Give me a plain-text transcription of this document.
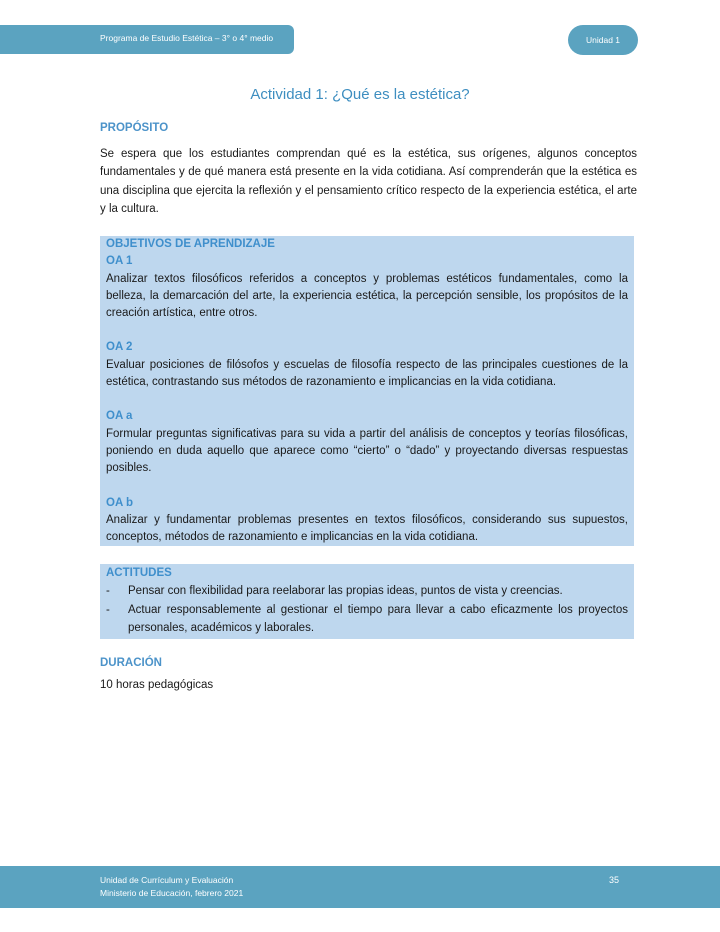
Programa de Estudio Estética – 3° o 4° medio	Unidad 1
Actividad 1: ¿Qué es la estética?
PROPÓSITO
Se espera que los estudiantes comprendan qué es la estética, sus orígenes, algunos conceptos fundamentales y de qué manera está presente en la vida cotidiana. Así comprenderán que la estética es una disciplina que ejercita la reflexión y el pensamiento crítico respecto de la experiencia estética, el arte y la cultura.
OBJETIVOS DE APRENDIZAJE
OA 1
Analizar textos filosóficos referidos a conceptos y problemas estéticos fundamentales, como la belleza, la demarcación del arte, la experiencia estética, la percepción sensible, los propósitos de la creación artística, entre otros.
OA 2
Evaluar posiciones de filósofos y escuelas de filosofía respecto de las principales cuestiones de la estética, contrastando sus métodos de razonamiento e implicancias en la vida cotidiana.
OA a
Formular preguntas significativas para su vida a partir del análisis de conceptos y teorías filosóficas, poniendo en duda aquello que aparece como “cierto” o “dado” y proyectando diversas respuestas posibles.
OA b
Analizar y fundamentar problemas presentes en textos filosóficos, considerando sus supuestos, conceptos, métodos de razonamiento e implicancias en la vida cotidiana.
ACTITUDES
-	Pensar con flexibilidad para reelaborar las propias ideas, puntos de vista y creencias.
-	Actuar responsablemente al gestionar el tiempo para llevar a cabo eficazmente los proyectos personales, académicos y laborales.
DURACIÓN
10 horas pedagógicas
Unidad de Currículum y Evaluación
Ministerio de Educación, febrero 2021
35
